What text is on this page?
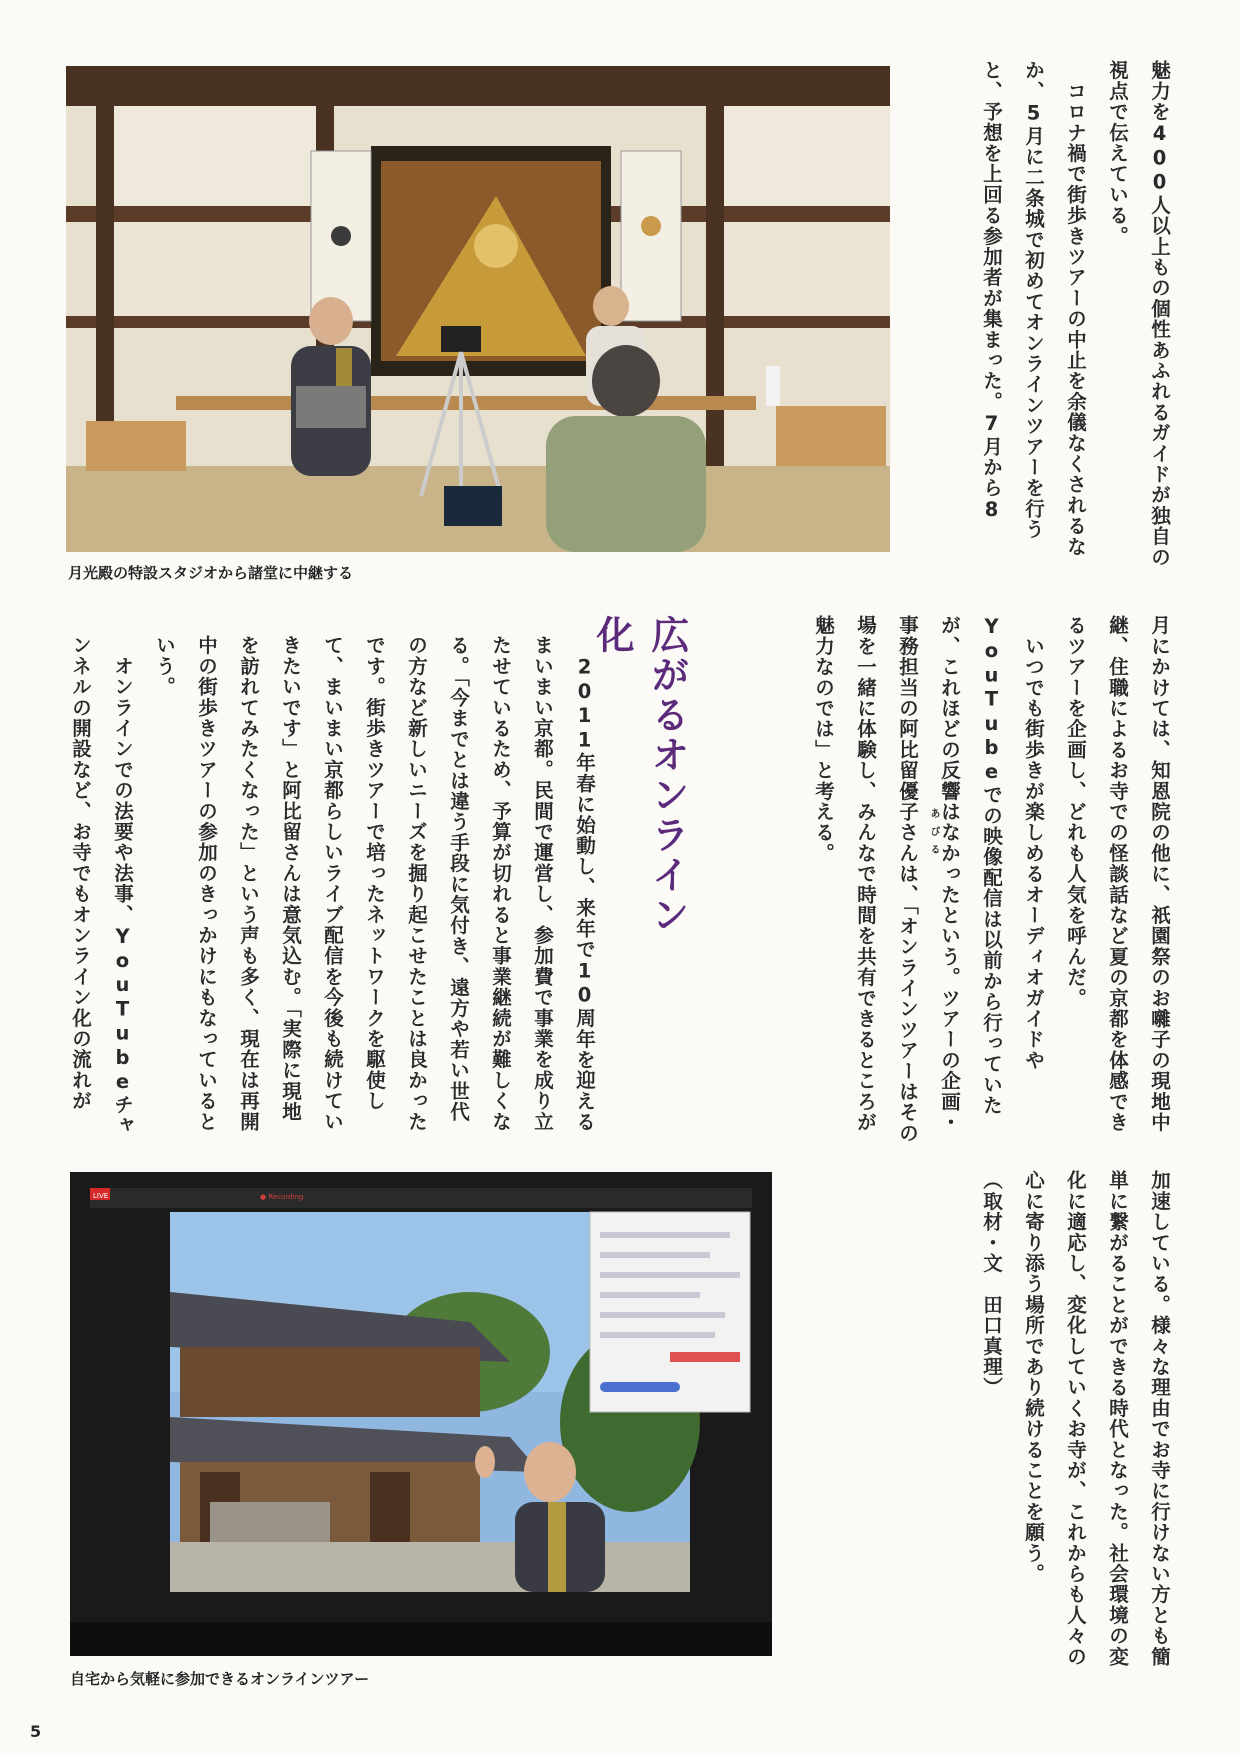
月光殿の特設スタジオから諸堂に中継する
魅力を400人以上もの個性あふれるガイドが独自の視点で伝えている。
　コロナ禍で街歩きツアーの中止を余儀なくされるなか、5月に二条城で初めてオンラインツアーを行うと、予想を上回る参加者が集まった。7月から8
月にかけては、知恩院の他に、祇園祭のお囃子の現地中継、住職によるお寺での怪談話など夏の京都を体感できるツアーを企画し、どれも人気を呼んだ。
　いつでも街歩きが楽しめるオーディオガイドやYouTubeでの映像配信は以前から行っていたが、これほどの反響はなかったという。ツアーの企画・事務担当の阿比留優子さんは、「オンラインツアーはその場を一緒に体験し、みんなで時間を共有できるところが魅力なのでは」と考える。	あびる
広がるオンライン化
　2011年春に始動し、来年で10周年を迎えるまいまい京都。民間で運営し、参加費で事業を成り立たせているため、予算が切れると事業継続が難しくなる。「今までとは違う手段に気付き、遠方や若い世代の方など新しいニーズを掘り起こせたことは良かったです。街歩きツアーで培ったネットワークを駆使して、まいまい京都らしいライブ配信を今後も続けていきたいです」と阿比留さんは意気込む。「実際に現地を訪れてみたくなった」という声も多く、現在は再開中の街歩きツアーの参加のきっかけにもなっているという。
　オンラインでの法要や法事、YouTubeチャンネルの開設など、お寺でもオンライン化の流れが
加速している。様々な理由でお寺に行けない方とも簡単に繋がることができる時代となった。社会環境の変化に適応し、変化していくお寺が、これからも人々の心に寄り添う場所であり続けることを願う。
（取材・文　田口真理）
LIVE	● Recording
自宅から気軽に参加できるオンラインツアー
5
